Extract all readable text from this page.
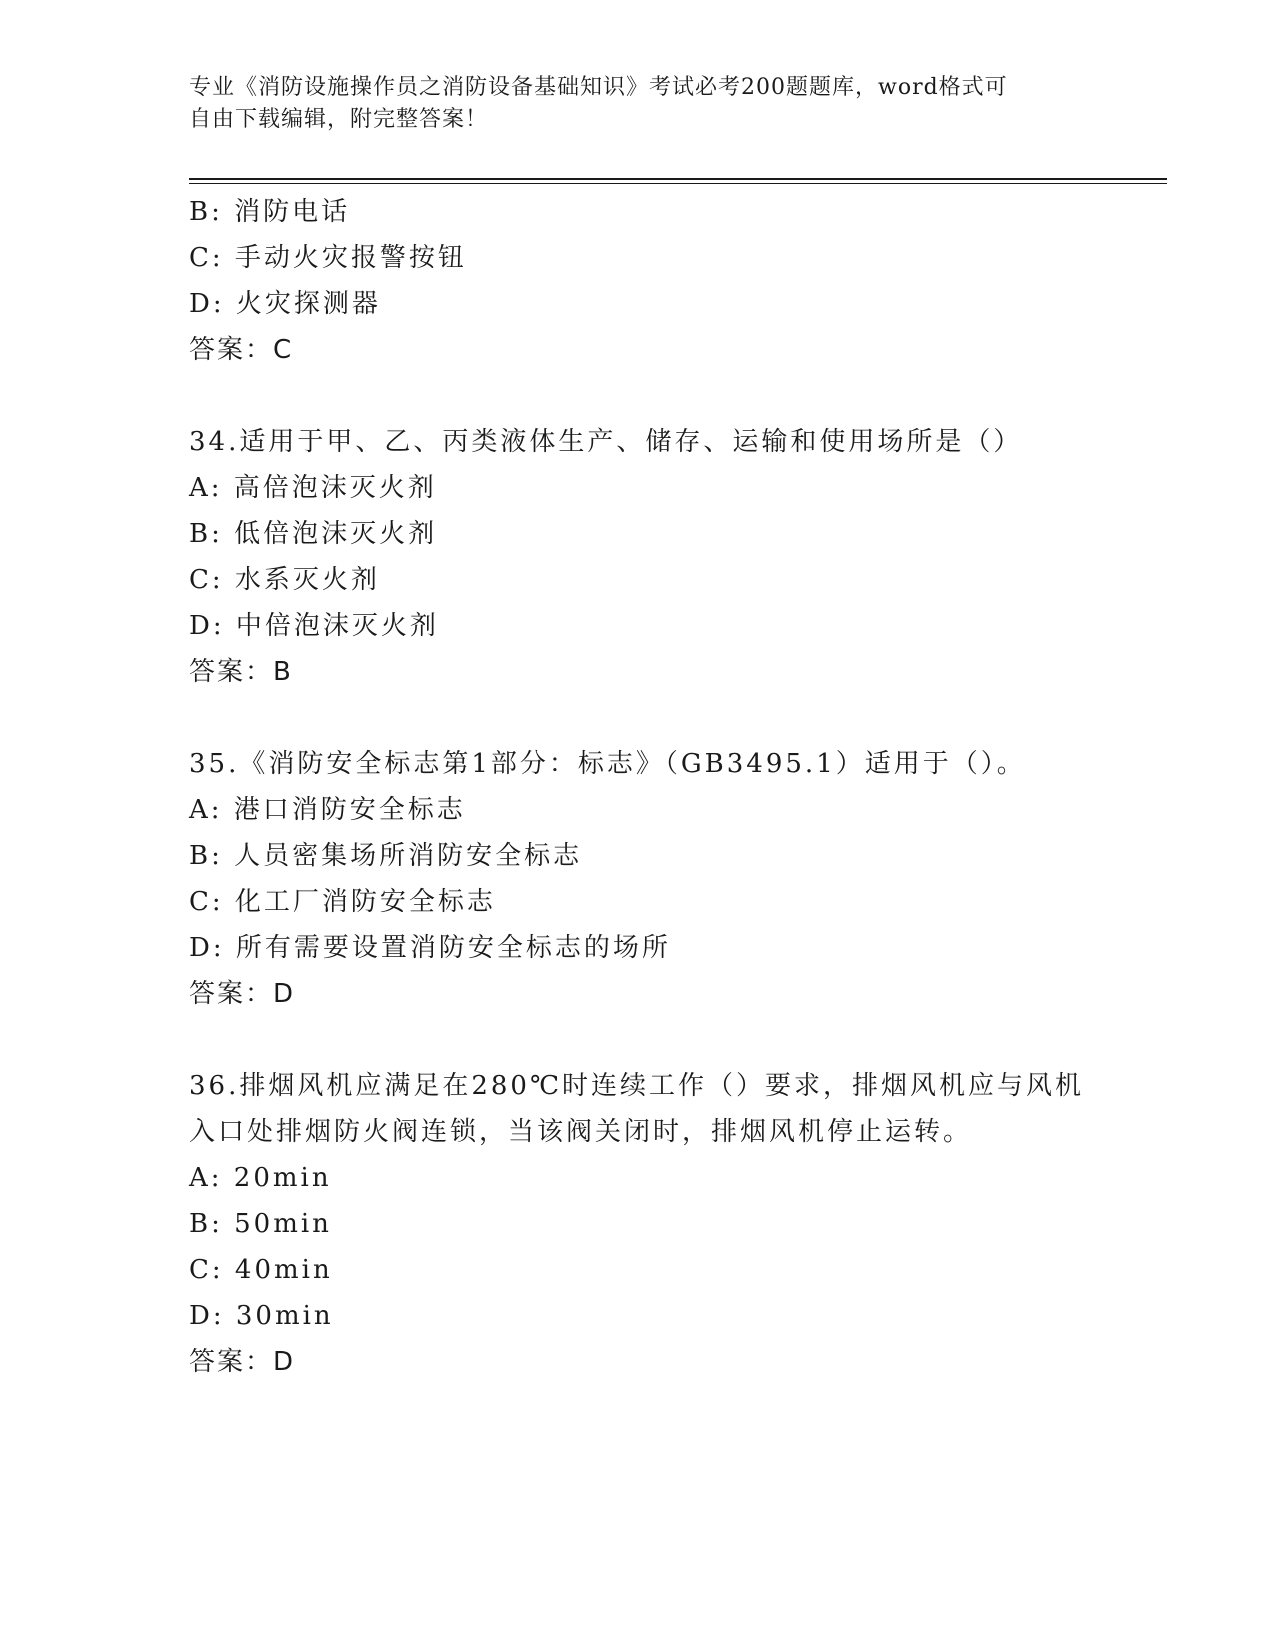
专业《消防设施操作员之消防设备基础知识》考试必考200题题库，word格式可
自由下载编辑，附完整答案！
B: 消防电话
C: 手动火灾报警按钮
D: 火灾探测器
答案：C
34.适用于甲、乙、丙类液体生产、储存、运输和使用场所是（）
A: 高倍泡沫灭火剂
B: 低倍泡沫灭火剂
C: 水系灭火剂
D: 中倍泡沫灭火剂
答案：B
35.《消防安全标志第1部分：标志》（GB3495.1）适用于（）。
A: 港口消防安全标志
B: 人员密集场所消防安全标志
C: 化工厂消防安全标志
D: 所有需要设置消防安全标志的场所
答案：D
36.排烟风机应满足在280℃时连续工作（）要求，排烟风机应与风机
入口处排烟防火阀连锁，当该阀关闭时，排烟风机停止运转。
A: 20min
B: 50min
C: 40min
D: 30min
答案：D
